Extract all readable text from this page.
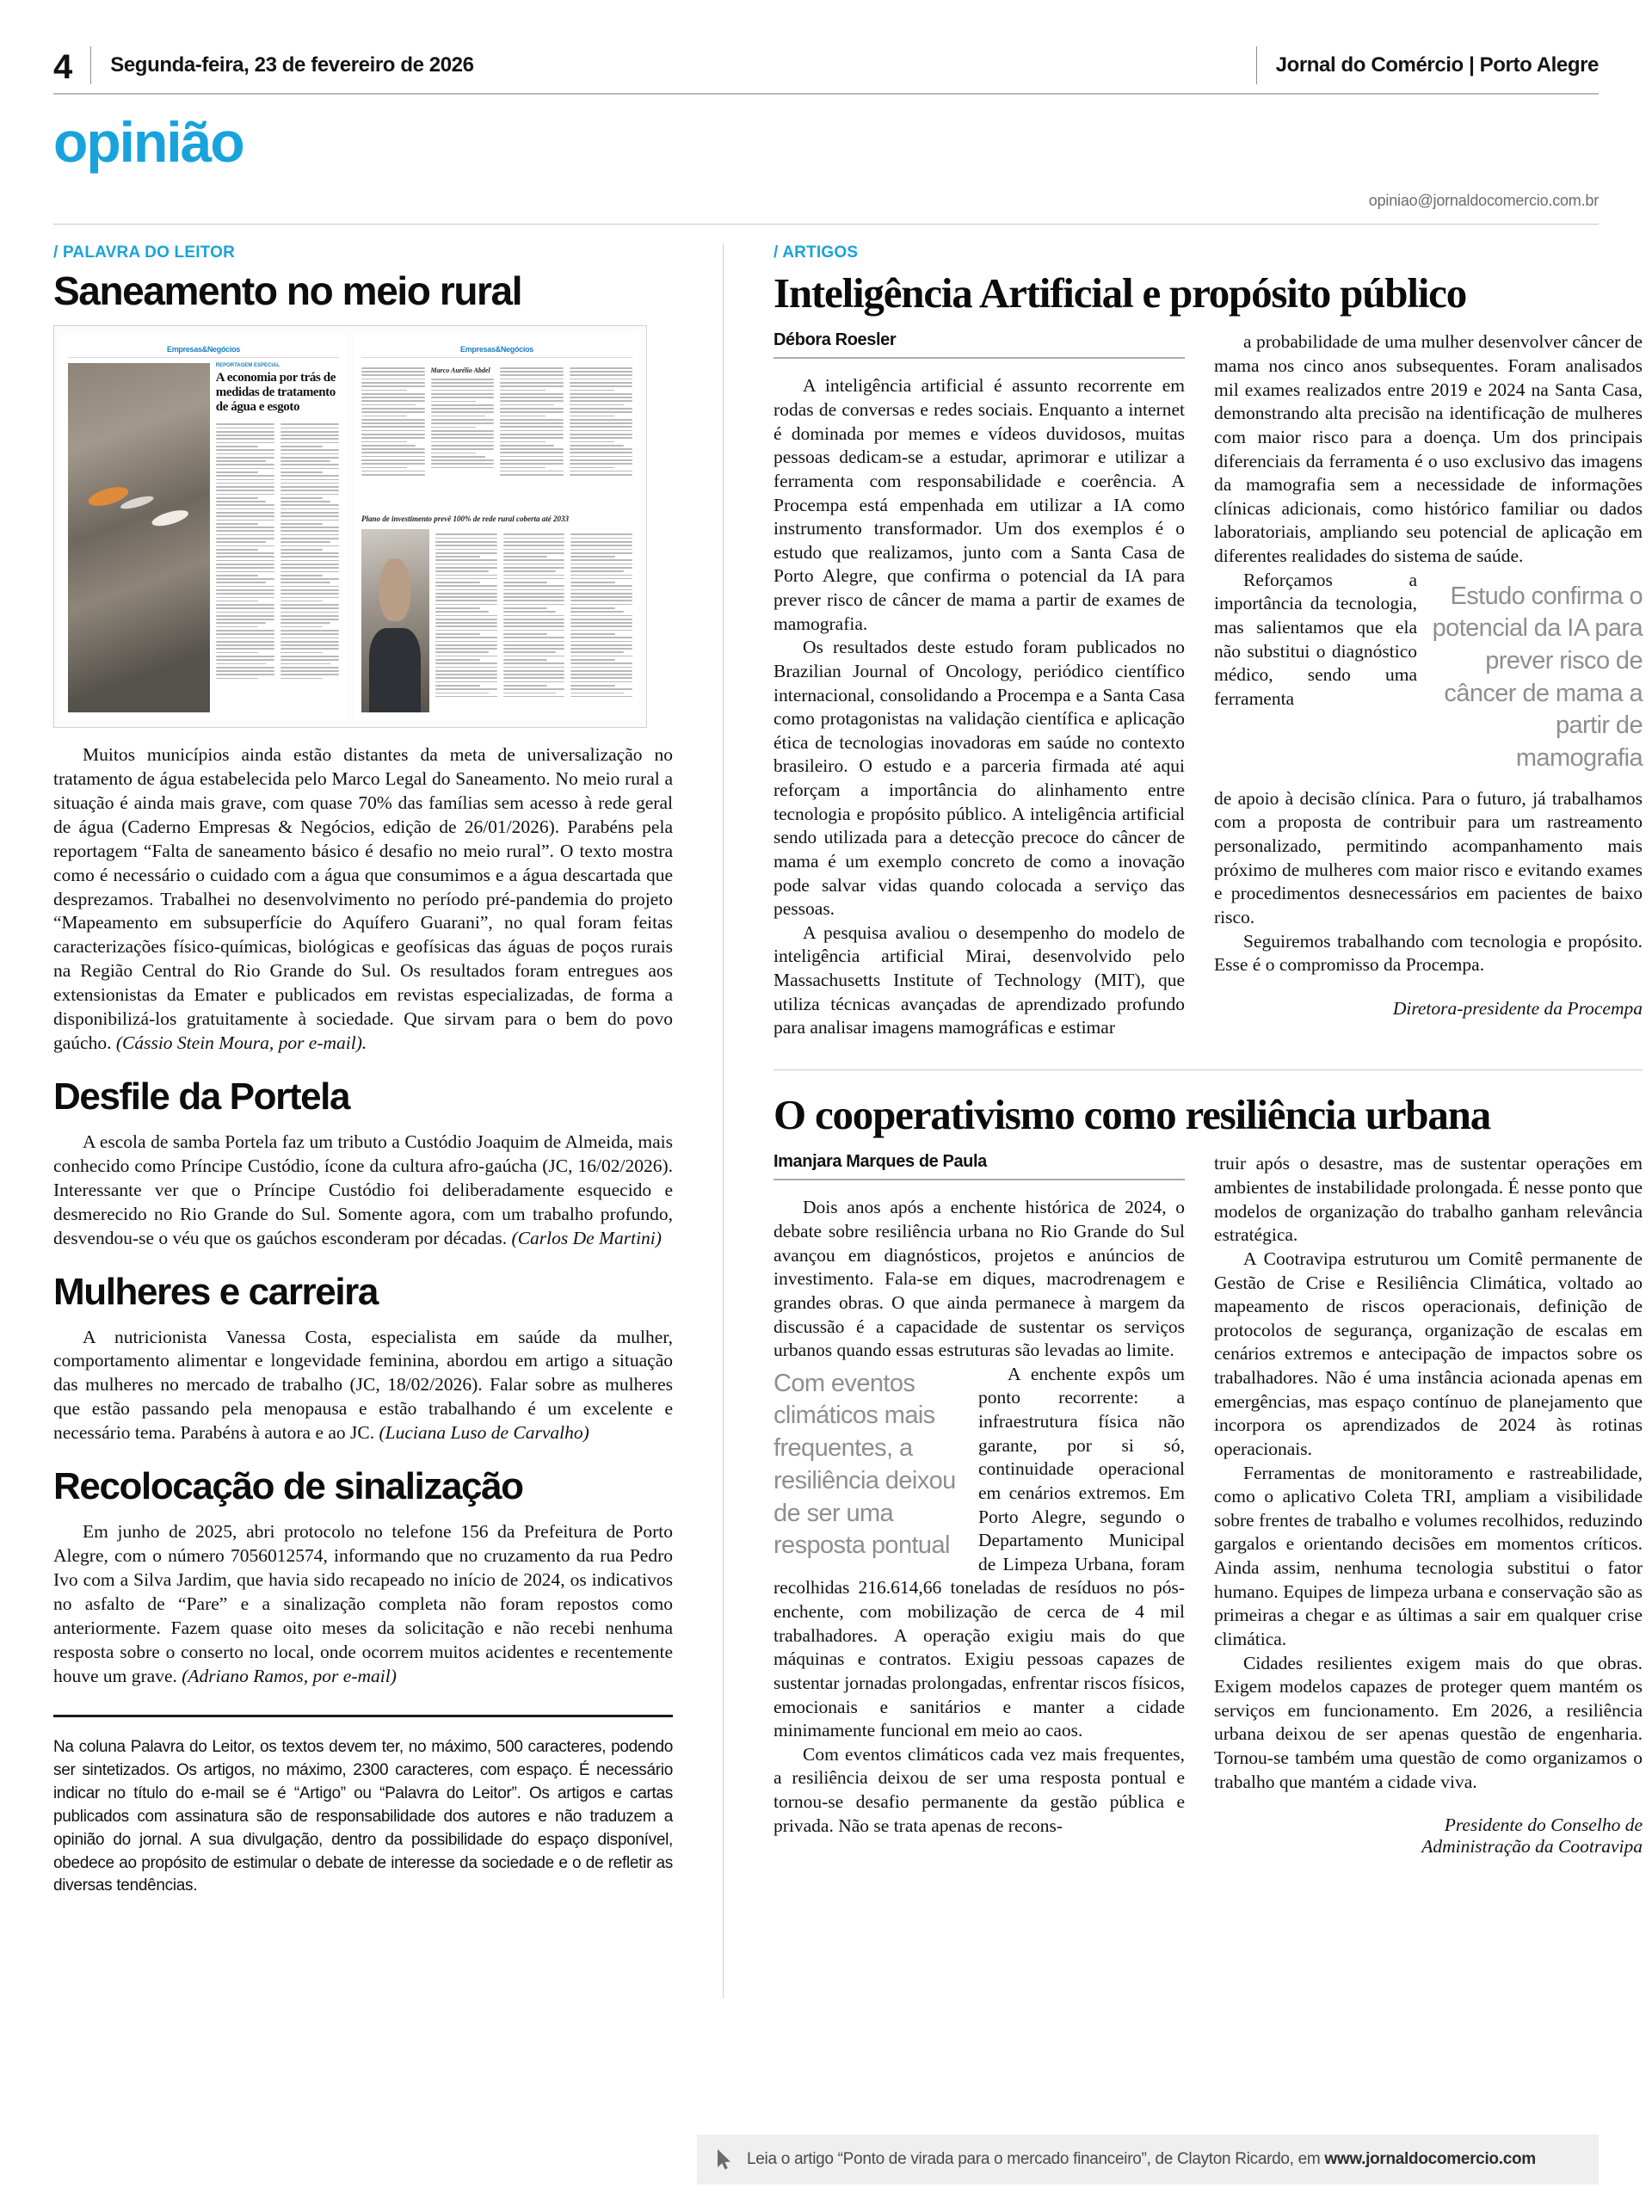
4	Segunda-feira, 23 de fevereiro de 2026	Jornal do Comércio | Porto Alegre
opinião
opiniao@jornaldocomercio.com.br
/ PALAVRA DO LEITOR
Saneamento no meio rural
Empresas&Negócios
REPORTAGEM ESPECIAL
A economia por trás de medidas de tratamento de água e esgoto
Empresas&Negócios
Marco Aurélio Abdel
Plano de investimento prevê 100% de rede rural coberta até 2033

Muitos municípios ainda estão distantes da meta de universalização no tratamento de água estabelecida pelo Marco Legal do Saneamento. No meio rural a situação é ainda mais grave, com quase 70% das famílias sem acesso à rede geral de água (Caderno Empresas & Negócios, edição de 26/01/2026). Parabéns pela reportagem “Falta de saneamento básico é desafio no meio rural”. O texto mostra como é necessário o cuidado com a água que consumimos e a água descartada que desprezamos. Trabalhei no desenvolvimento no período pré-pandemia do projeto “Mapeamento em subsuperfície do Aquífero Guarani”, no qual foram feitas caracterizações físico-químicas, biológicas e geofísicas das águas de poços rurais na Região Central do Rio Grande do Sul. Os resultados foram entregues aos extensionistas da Emater e publicados em revistas especializadas, de forma a disponibilizá-los gratuitamente à sociedade. Que sirvam para o bem do povo gaúcho. (Cássio Stein Moura, por e-mail).

Desfile da Portela

A escola de samba Portela faz um tributo a Custódio Joaquim de Almeida, mais conhecido como Príncipe Custódio, ícone da cultura afro-gaúcha (JC, 16/02/2026). Interessante ver que o Príncipe Custódio foi deliberadamente esquecido e desmerecido no Rio Grande do Sul. Somente agora, com um trabalho profundo, desvendou-se o véu que os gaúchos esconderam por décadas. (Carlos De Martini)

Mulheres e carreira

A nutricionista Vanessa Costa, especialista em saúde da mulher, comportamento alimentar e longevidade feminina, abordou em artigo a situação das mulheres no mercado de trabalho (JC, 18/02/2026). Falar sobre as mulheres que estão passando pela menopausa e estão trabalhando é um excelente e necessário tema. Parabéns à autora e ao JC. (Luciana Luso de Carvalho)

Recolocação de sinalização

Em junho de 2025, abri protocolo no telefone 156 da Prefeitura de Porto Alegre, com o número 7056012574, informando que no cruzamento da rua Pedro Ivo com a Silva Jardim, que havia sido recapeado no início de 2024, os indicativos no asfalto de “Pare” e a sinalização completa não foram repostos como anteriormente. Fazem quase oito meses da solicitação e não recebi nenhuma resposta sobre o conserto no local, onde ocorrem muitos acidentes e recentemente houve um grave. (Adriano Ramos, por e-mail)

Na coluna Palavra do Leitor, os textos devem ter, no máximo, 500 caracteres, podendo ser sintetizados. Os artigos, no máximo, 2300 caracteres, com espaço. É necessário indicar no título do e-mail se é “Artigo” ou “Palavra do Leitor”. Os artigos e cartas publicados com assinatura são de responsabilidade dos autores e não traduzem a opinião do jornal. A sua divulgação, dentro da possibilidade do espaço disponível, obedece ao propósito de estimular o debate de interesse da sociedade e o de refletir as diversas tendências.
/ ARTIGOS
Inteligência Artificial e propósito público
Débora Roesler

A inteligência artificial é assunto recorrente em rodas de conversas e redes sociais. Enquanto a internet é dominada por memes e vídeos duvidosos, muitas pessoas dedicam-se a estudar, aprimorar e utilizar a ferramenta com responsabilidade e coerência. A Procempa está empenhada em utilizar a IA como instrumento transformador. Um dos exemplos é o estudo que realizamos, junto com a Santa Casa de Porto Alegre, que confirma o potencial da IA para prever risco de câncer de mama a partir de exames de mamografia.

Os resultados deste estudo foram publicados no Brazilian Journal of Oncology, periódico científico internacional, consolidando a Procempa e a Santa Casa como protagonistas na validação científica e aplicação ética de tecnologias inovadoras em saúde no contexto brasileiro. O estudo e a parceria firmada até aqui reforçam a importância do alinhamento entre tecnologia e propósito público. A inteligência artificial sendo utilizada para a detecção precoce do câncer de mama é um exemplo concreto de como a inovação pode salvar vidas quando colocada a serviço das pessoas.

A pesquisa avaliou o desempenho do modelo de inteligência artificial Mirai, desenvolvido pelo Massachusetts Institute of Technology (MIT), que utiliza técnicas avançadas de aprendizado profundo para analisar imagens mamográficas e estimar

a probabilidade de uma mulher desenvolver câncer de mama nos cinco anos subsequentes. Foram analisados mil exames realizados entre 2019 e 2024 na Santa Casa, demonstrando alta precisão na identificação de mulheres com maior risco para a doença. Um dos principais diferenciais da ferramenta é o uso exclusivo das imagens da mamografia sem a necessidade de informações clínicas adicionais, como histórico familiar ou dados laboratoriais, ampliando seu potencial de aplicação em diferentes realidades do sistema de saúde.

Reforçamos a importância da tecnologia, mas salientamos que ela não substitui o diagnóstico médico, sendo uma ferramenta

Estudo confirma o potencial da IA para prever risco de câncer de mama a partir de mamografia

de apoio à decisão clínica. Para o futuro, já trabalhamos com a proposta de contribuir para um rastreamento personalizado, permitindo acompanhamento mais próximo de mulheres com maior risco e evitando exames e procedimentos desnecessários em pacientes de baixo risco.

Seguiremos trabalhando com tecnologia e propósito. Esse é o compromisso da Procempa.

Diretora-presidente da Procempa
O cooperativismo como resiliência urbana
Imanjara Marques de Paula

Dois anos após a enchente histórica de 2024, o debate sobre resiliência urbana no Rio Grande do Sul avançou em diagnósticos, projetos e anúncios de investimento. Fala-se em diques, macrodrenagem e grandes obras. O que ainda permanece à margem da discussão é a capacidade de sustentar os serviços urbanos quando essas estruturas são levadas ao limite.

Com eventos climáticos mais frequentes, a resiliência deixou de ser uma resposta pontual

A enchente expôs um ponto recorrente: a infraestrutura física não garante, por si só, continuidade operacional em cenários extremos. Em Porto Alegre, segundo o Departamento Municipal de Limpeza Urbana, foram recolhidas 216.614,66 toneladas de resíduos no pós-enchente, com mobilização de cerca de 4 mil trabalhadores. A operação exigiu mais do que máquinas e contratos. Exigiu pessoas capazes de sustentar jornadas prolongadas, enfrentar riscos físicos, emocionais e sanitários e manter a cidade minimamente funcional em meio ao caos.

Com eventos climáticos cada vez mais frequentes, a resiliência deixou de ser uma resposta pontual e tornou-se desafio permanente da gestão pública e privada. Não se trata apenas de recons-

truir após o desastre, mas de sustentar operações em ambientes de instabilidade prolongada. É nesse ponto que modelos de organização do trabalho ganham relevância estratégica.

A Cootravipa estruturou um Comitê permanente de Gestão de Crise e Resiliência Climática, voltado ao mapeamento de riscos operacionais, definição de protocolos de segurança, organização de escalas em cenários extremos e antecipação de impactos sobre os trabalhadores. Não é uma instância acionada apenas em emergências, mas espaço contínuo de planejamento que incorpora os aprendizados de 2024 às rotinas operacionais.

Ferramentas de monitoramento e rastreabilidade, como o aplicativo Coleta TRI, ampliam a visibilidade sobre frentes de trabalho e volumes recolhidos, reduzindo gargalos e orientando decisões em momentos críticos. Ainda assim, nenhuma tecnologia substitui o fator humano. Equipes de limpeza urbana e conservação são as primeiras a chegar e as últimas a sair em qualquer crise climática.

Cidades resilientes exigem mais do que obras. Exigem modelos capazes de proteger quem mantém os serviços em funcionamento. Em 2026, a resiliência urbana deixou de ser apenas questão de engenharia. Tornou-se também uma questão de como organizamos o trabalho que mantém a cidade viva.

Presidente do Conselho de
Administração da Cootravipa
Leia o artigo “Ponto de virada para o mercado financeiro”, de Clayton Ricardo, em www.jornaldocomercio.com
